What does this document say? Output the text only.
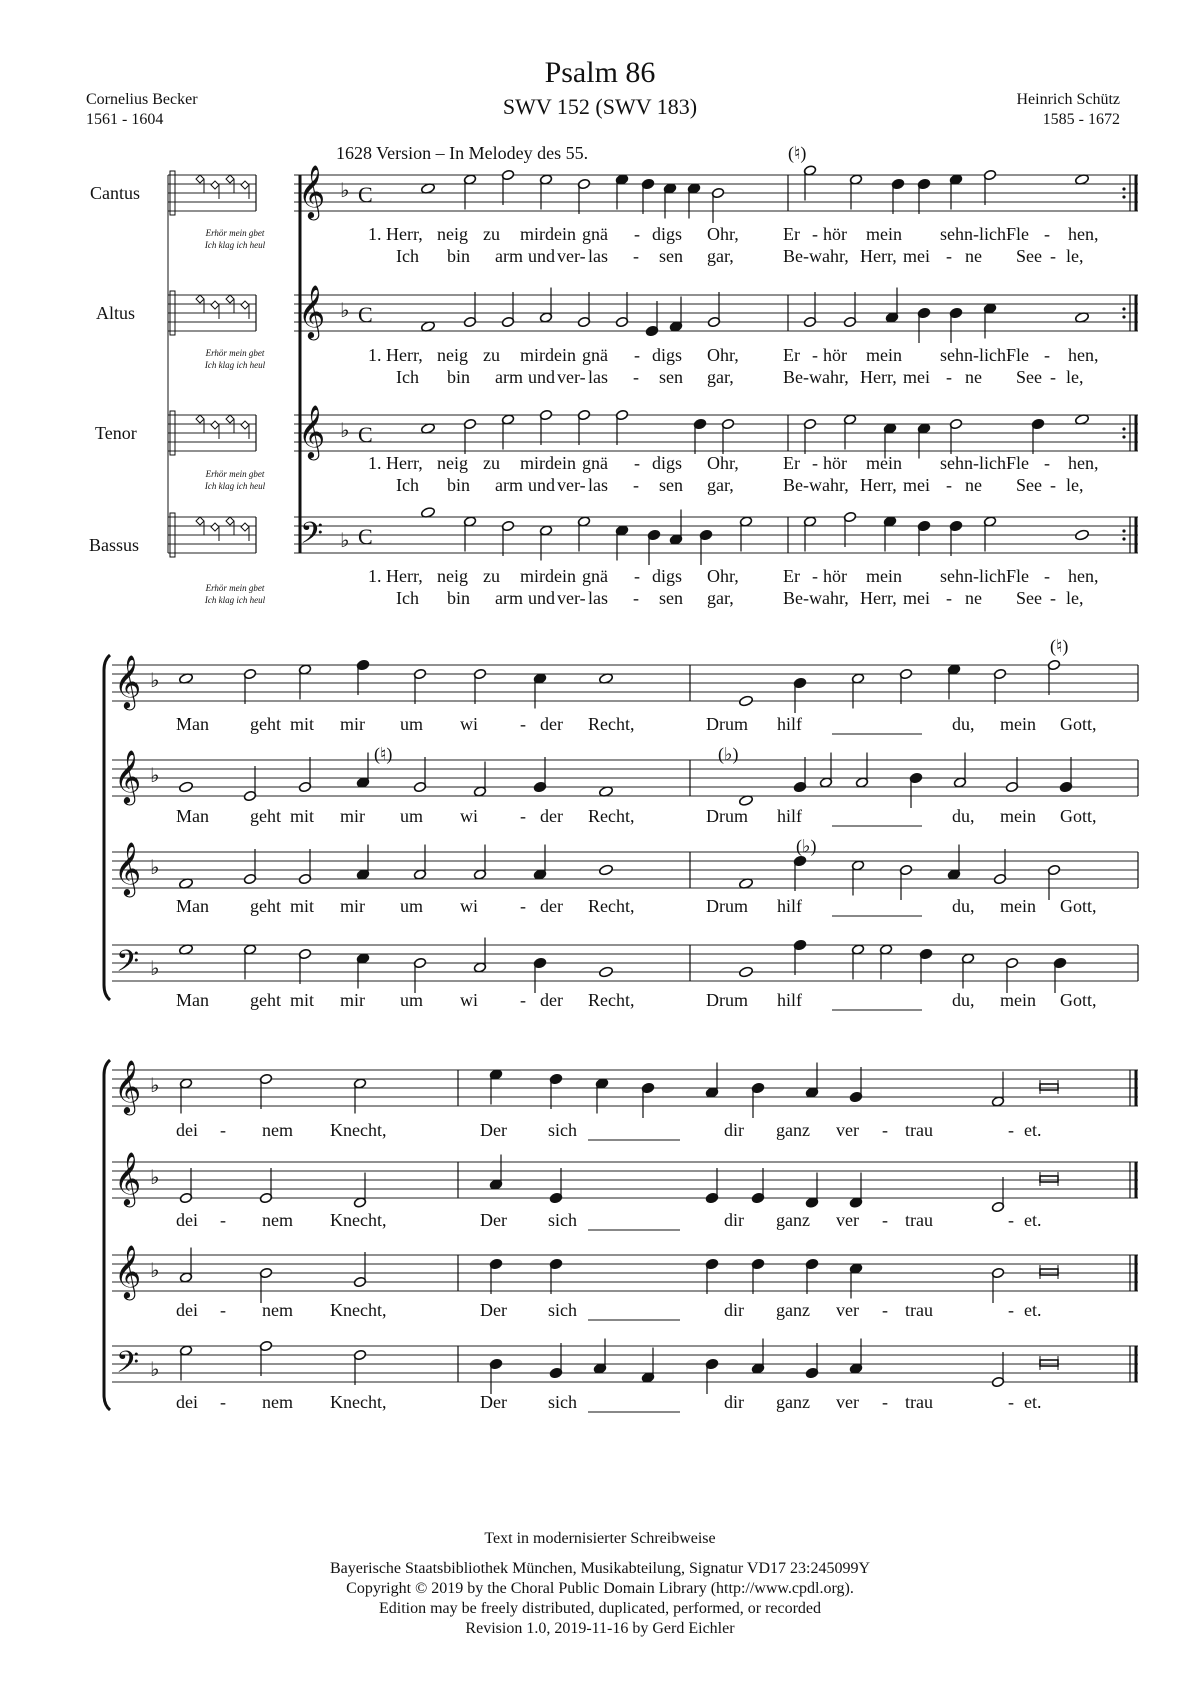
𝄞 ♭ C
𝄞 ♭ C
𝄞 ♭ C
𝄢 ♭ C
𝄞 ♭
𝄞 ♭
𝄞 ♭
𝄢 ♭
𝄞 ♭
𝄞 ♭
𝄞 ♭
𝄢 ♭
Psalm 86
SWV 152 (SWV 183)
Cornelius Becker
1561 - 1604
Heinrich Schütz
1585 - 1672
1628 Version – In Melodey des 55.
Cantus
Altus
Tenor
Bassus
Erhör mein gbet
Ich klag ich heul
Erhör mein gbet
Ich klag ich heul
Erhör mein gbet
Ich klag ich heul
Erhör mein gbet
Ich klag ich heul
(♮)
(♮)
(♮)	(♭)
(♭)
1. Herr, neig zu mir dein gnä - digs Ohr, Er - hör mein sehn-lich Fle - hen,
Ich bin arm und ver- las - sen gar,	Be-wahr, Herr, mei - ne See - le,
1. Herr, neig zu mir dein gnä - digs Ohr, Er - hör mein sehn-lich Fle - hen,
Ich bin arm und ver- las - sen gar,	Be-wahr, Herr, mei - ne See - le,
1. Herr, neig zu mir dein gnä - digs Ohr, Er - hör mein sehn-lich Fle - hen,
Ich bin arm und ver- las - sen gar,	Be-wahr, Herr, mei - ne See - le,
1. Herr, neig zu mir dein gnä - digs Ohr, Er - hör mein sehn-lich Fle - hen,
Ich bin arm und ver- las - sen gar,	Be-wahr, Herr, mei - ne See - le,
Man geht mit mir um wi - der Recht,	Drum hilf	du, mein Gott,
Man geht mit mir um wi - der Recht,	Drum hilf	du, mein Gott,
Man geht mit mir um wi - der Recht,	Drum hilf	du, mein Gott,
Man geht mit mir um wi - der Recht,	Drum hilf	du, mein Gott,
dei - nem Knecht,	Der sich	dir ganz ver - trau	- et.
dei - nem Knecht,	Der sich	dir ganz ver - trau	- et.
dei - nem Knecht,	Der sich	dir ganz ver - trau	- et.
dei - nem Knecht,	Der sich	dir ganz ver - trau	- et.
Text in modernisierter Schreibweise
Bayerische Staatsbibliothek München, Musikabteilung, Signatur VD17 23:245099Y
Copyright © 2019 by the Choral Public Domain Library (http://www.cpdl.org).
Edition may be freely distributed, duplicated, performed, or recorded
Revision 1.0, 2019-11-16 by Gerd Eichler
